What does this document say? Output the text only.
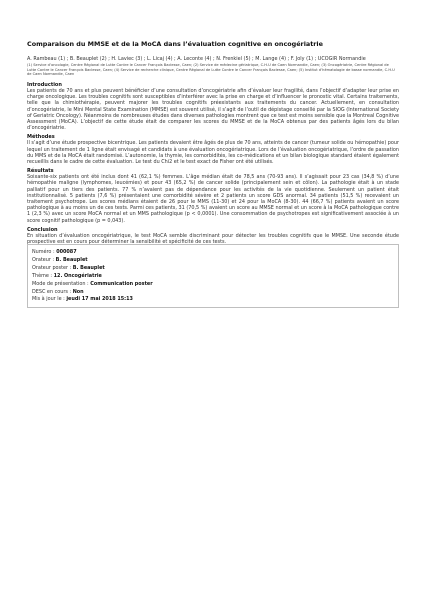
Comparaison du MMSE et de la MoCA dans l’évaluation cognitive en oncogériatrie
A. Rambeau (1) ; B. Beauplet (2) ; H. Laviec (3) ; L. Licaj (4) ; A. Leconte (4) ; N. Frenkiel (5) ; M. Lange (4) ; F. Joly (1) ; UCOGIR Normandie
(1) Service d’oncologie, Centre Régional de Lutte Contre le Cancer François Baclesse, Caen; (2) Service de médecine gériatrique, C.H.U de Caen Normandie, Caen; (3) Oncogériatrie, Centre Régional de Lutte Contre le Cancer François Baclesse, Caen; (4) Service de recherche clinique, Centre Régional de Lutte Contre le Cancer François Baclesse, Caen; (5) Institut d’hématologie de basse normandie, C.H.U de Caen Normandie, Caen
Introduction

Les patients de 70 ans et plus peuvent bénéficier d’une consultation d’oncogériatrie afin d’évaluer leur fragilité, dans l’objectif d’adapter leur prise en charge oncologique. Les troubles cognitifs sont susceptibles d’interférer avec la prise en charge et d’influencer le pronostic vital. Certains traitements, telle que la chimiothérapie, peuvent majorer les troubles cognitifs préexistants aux traitements du cancer. Actuellement, en consultation d’oncogériatrie, le Mini Mental State Examination (MMSE) est souvent utilisé, il s’agit de l’outil de dépistage conseillé par la SIOG (International Society of Geriatric Oncology). Néanmoins de nombreuses études dans diverses pathologies montrent que ce test est moins sensible que la Montreal Cognitive Assessment (MoCA). L’objectif de cette étude était de comparer les scores du MMSE et de la MoCA obtenus par des patients âgés lors du bilan d’oncogériatrie.

Méthodes

Il s’agit d’une étude prospective bicentrique. Les patients devaient être âgés de plus de 70 ans, atteints de cancer (tumeur solide ou hémopathie) pour lequel un traitement de 1 ligne était envisagé et candidats à une évaluation oncogériatrique. Lors de l’évaluation oncogériatrique, l’ordre de passation du MMS et de la MoCA était randomisé. L’autonomie, la thymie, les comorbidités, les co-médications et un bilan biologique standard étaient également recueillis dans le cadre de cette évaluation. Le test du Chi2 et le test exact de Fisher ont été utilisés.

Résultats

Soixante-six patients ont été inclus dont 41 (62,1 %) femmes. L’âge médian était de 78,5 ans (70-93 ans). Il s’agissait pour 23 cas (34,8 %) d’une hémopathie maligne (lymphomes, leucémies) et pour 43 (65,2 %) de cancer solide (principalement sein et côlon). La pathologie était à un stade palliatif pour un tiers des patients. 77 % n’avaient pas de dépendance pour les activités de la vie quotidienne. Seulement un patient était institutionnalisé. 5 patients (7,6 %) présentaient une comorbidité sévère et 2 patients un score GDS anormal. 34 patients (51,5 %) recevaient un traitement psychotrope. Les scores médians étaient de 26 pour le MMS (11-30) et 24 pour la MoCA (8-30). 44 (66,7 %) patients avaient un score pathologique à au moins un de ces tests. Parmi ces patients, 31 (70,5 %) avaient un score au MMSE normal et un score à la MoCA pathologique contre 1 (2,3 %) avec un score MoCA normal et un MMS pathologique (p < 0,0001). Une consommation de psychotropes est significativement associée à un score cognitif pathologique (p = 0,043).

Conclusion

En situation d’évaluation oncogériatrique, le test MoCA semble discriminant pour détecter les troubles cognitifs que le MMSE. Une seconde étude prospective est en cours pour déterminer la sensibilité et spécificité de ces tests.

Numéro : 000087
Orateur : B. Beauplet
Orateur poster : B. Beauplet
Thème : 12. Oncogériatrie
Mode de présentation : Communication poster
DESC en cours : Non
Mis à jour le : jeudi 17 mai 2018 15:13
